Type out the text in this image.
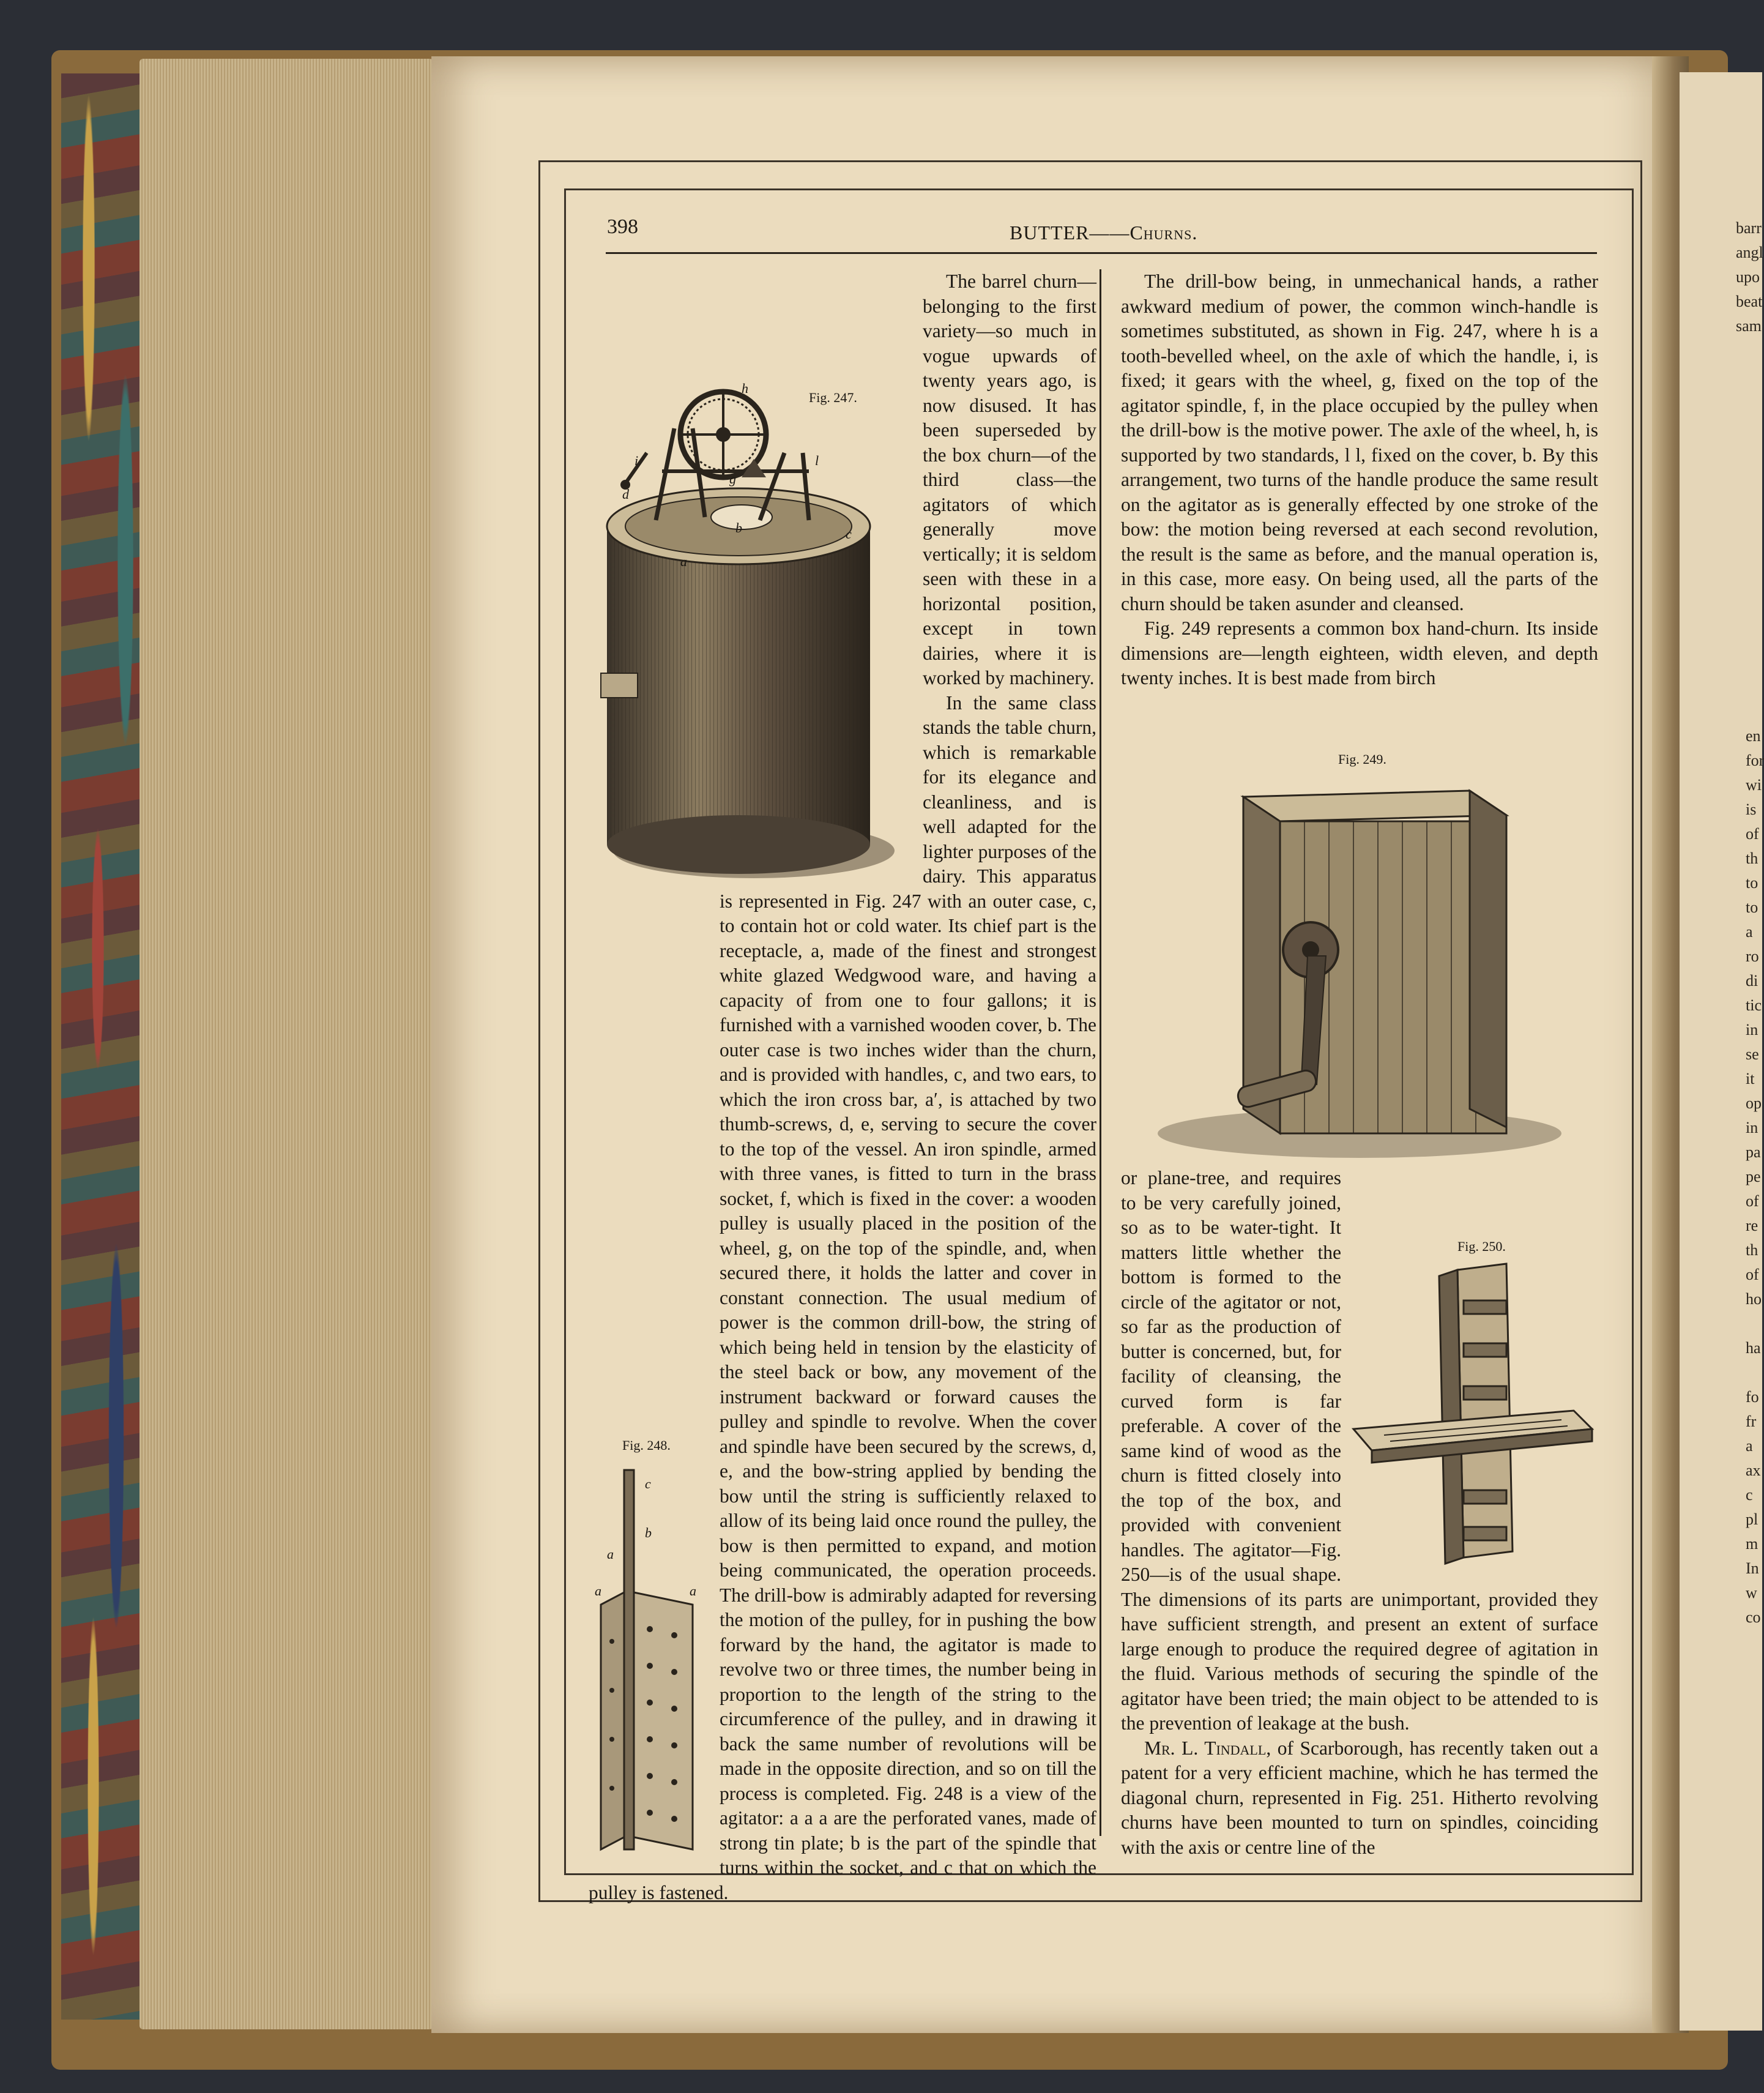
barr
angl
upo
beat
sam
en
for
wi
is
of
th
to
to
a
ro
di
tic
in
se
it
op
in
pa
pe
of
re
th
of
ho
ha
fo
fr
a
ax
c
pl
m
In
w
co
398	BUTTER——Churns.
Fig. 247.
h
g
l
i
d
a
c
b
Fig. 248.
c
b
a
a	a

The barrel churn—belonging to the first variety—so much in vogue upwards of twenty years ago, is now disused. It has been superseded by the box churn—of the third class—the agitators of which generally move vertically; it is seldom seen with these in a horizontal position, except in town dairies, where it is worked by machinery.

In the same class stands the table churn, which is remarkable for its elegance and cleanliness, and is well adapted for the lighter purposes of the dairy. This apparatus is represented in Fig. 247 with an outer case, c, to contain hot or cold water. Its chief part is the receptacle, a, made of the finest and strongest white glazed Wedgwood ware, and having a capacity of from one to four gallons; it is furnished with a varnished wooden cover, b. The outer case is two inches wider than the churn, and is provided with handles, c, and two ears, to which the iron cross bar, a′, is attached by two thumb-screws, d, e, serving to secure the cover to the top of the vessel. An iron spindle, armed with three vanes, is fitted to turn in the brass socket, f, which is fixed in the cover: a wooden pulley is usually placed in the position of the wheel, g, on the top of the spindle, and, when secured there, it holds the latter and cover in constant connection. The usual medium of power is the common drill-bow, the string of which being held in tension by the elasticity of the steel back or bow, any movement of the instrument backward or forward causes the pulley and spindle to revolve. When the cover and spindle have been secured by the screws, d, e, and the bow-string applied by bending the bow until the string is sufficiently relaxed to allow of its being laid once round the pulley, the bow is then permitted to expand, and motion being communicated, the operation proceeds. The drill-bow is admirably adapted for reversing the motion of the pulley, for in pushing the bow forward by the hand, the agitator is made to revolve two or three times, the number being in proportion to the length of the string to the circumference of the pulley, and in drawing it back the same number of revolutions will be made in the opposite direction, and so on till the process is completed. Fig. 248 is a view of the agitator: a a a are the perforated vanes, made of strong tin plate; b is the part of the spindle that turns within the socket, and c that on which the pulley is fastened.

The drill-bow being, in unmechanical hands, a rather awkward medium of power, the common winch-handle is sometimes substituted, as shown in Fig. 247, where h is a tooth-bevelled wheel, on the axle of which the handle, i, is fixed; it gears with the wheel, g, fixed on the top of the agitator spindle, f, in the place occupied by the pulley when the drill-bow is the motive power. The axle of the wheel, h, is supported by two standards, l l, fixed on the cover, b. By this arrangement, two turns of the handle produce the same result on the agitator as is generally effected by one stroke of the bow: the motion being reversed at each second revolution, the result is the same as before, and the manual operation is, in this case, more easy. On being used, all the parts of the churn should be taken asunder and cleansed.

Fig. 249 represents a common box hand-churn. Its inside dimensions are—length eighteen, width eleven, and depth twenty inches. It is best made from birch

Fig. 249.
Fig. 250.

or plane-tree, and requires to be very carefully joined, so as to be water-tight. It matters little whether the bottom is formed to the circle of the agitator or not, so far as the production of butter is concerned, but, for facility of cleansing, the curved form is far preferable. A cover of the same kind of wood as the churn is fitted closely into the top of the box, and provided with convenient handles. The agitator—Fig. 250—is of the usual shape. The dimensions of its parts are unimportant, provided they have sufficient strength, and present an extent of surface large enough to produce the required degree of agitation in the fluid. Various methods of securing the spindle of the agitator have been tried; the main object to be attended to is the prevention of leakage at the bush.

Mr. L. Tindall, of Scarborough, has recently taken out a patent for a very efficient machine, which he has termed the diagonal churn, represented in Fig. 251. Hitherto revolving churns have been mounted to turn on spindles, coinciding with the axis or centre line of the
